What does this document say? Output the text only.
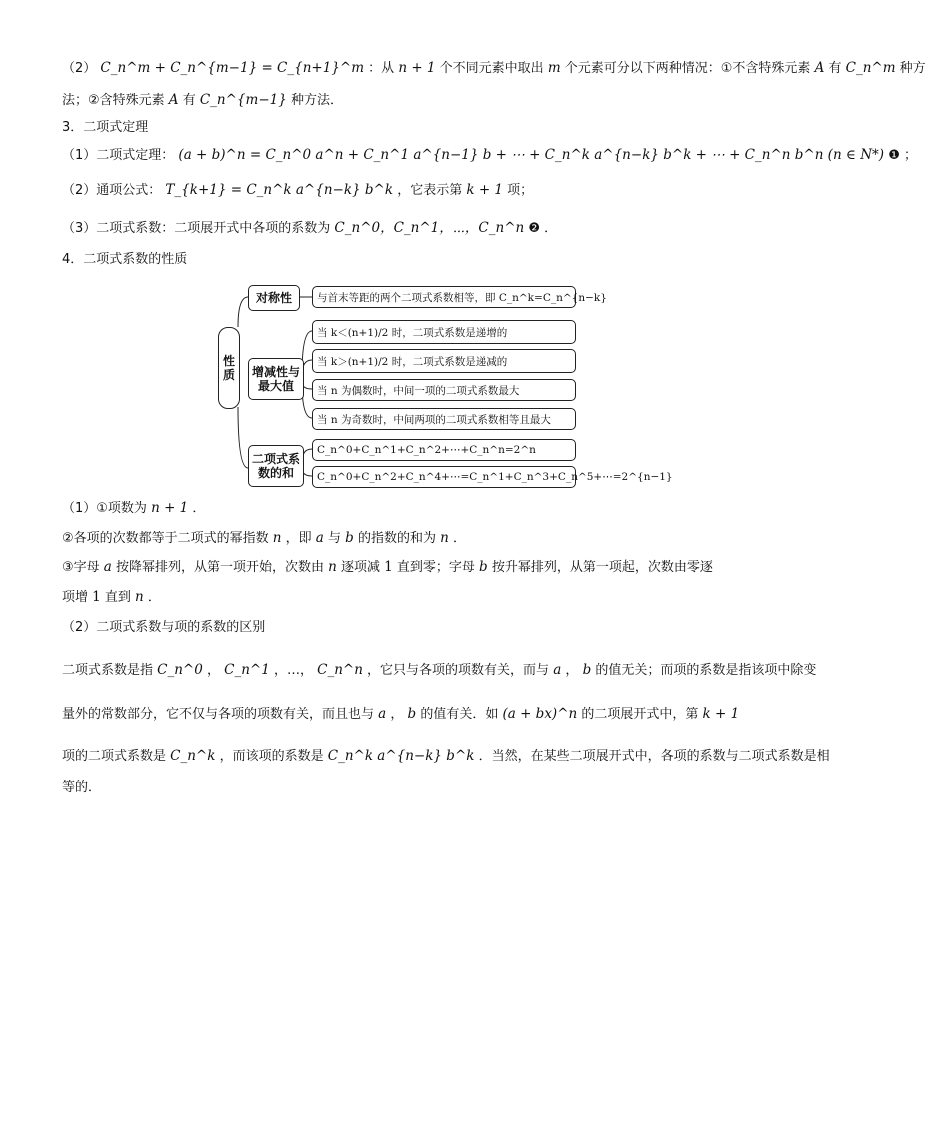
（2） C_n^m + C_n^{m−1} = C_{n+1}^m ：从 n + 1 个不同元素中取出 m 个元素可分以下两种情况：①不含特殊元素 A 有 C_n^m 种方
法；②含特殊元素 A 有 C_n^{m−1} 种方法．
3．二项式定理
（1）二项式定理： (a + b)^n = C_n^0 a^n + C_n^1 a^{n−1} b + ⋯ + C_n^k a^{n−k} b^k + ⋯ + C_n^n b^n (n ∈ N*) ❶ ；
（2）通项公式： T_{k+1} = C_n^k a^{n−k} b^k ，它表示第 k + 1 项；
（3）二项式系数：二项展开式中各项的系数为 C_n^0，C_n^1，⋯，C_n^n ❷ ．
4．二项式系数的性质
性质
对称性
增减性与最大值
二项式系数的和
与首末等距的两个二项式系数相等，即 C_n^k=C_n^{n−k}
当 k＜(n+1)/2 时，二项式系数是递增的
当 k＞(n+1)/2 时，二项式系数是递减的
当 n 为偶数时，中间一项的二项式系数最大
当 n 为奇数时，中间两项的二项式系数相等且最大
C_n^0+C_n^1+C_n^2+⋯+C_n^n=2^n
C_n^0+C_n^2+C_n^4+⋯=C_n^1+C_n^3+C_n^5+⋯=2^{n−1}
（1）①项数为 n + 1 ．
②各项的次数都等于二项式的幂指数 n ，即 a 与 b 的指数的和为 n ．
③字母 a 按降幂排列，从第一项开始，次数由 n 逐项减 1 直到零；字母 b 按升幂排列，从第一项起，次数由零逐
项增 1 直到 n ．
（2）二项式系数与项的系数的区别
二项式系数是指 C_n^0 ， C_n^1 ，…， C_n^n ，它只与各项的项数有关，而与 a ， b 的值无关；而项的系数是指该项中除变
量外的常数部分，它不仅与各项的项数有关，而且也与 a ， b 的值有关．如 (a + bx)^n 的二项展开式中，第 k + 1
项的二项式系数是 C_n^k ，而该项的系数是 C_n^k a^{n−k} b^k ．当然，在某些二项展开式中，各项的系数与二项式系数是相
等的．
